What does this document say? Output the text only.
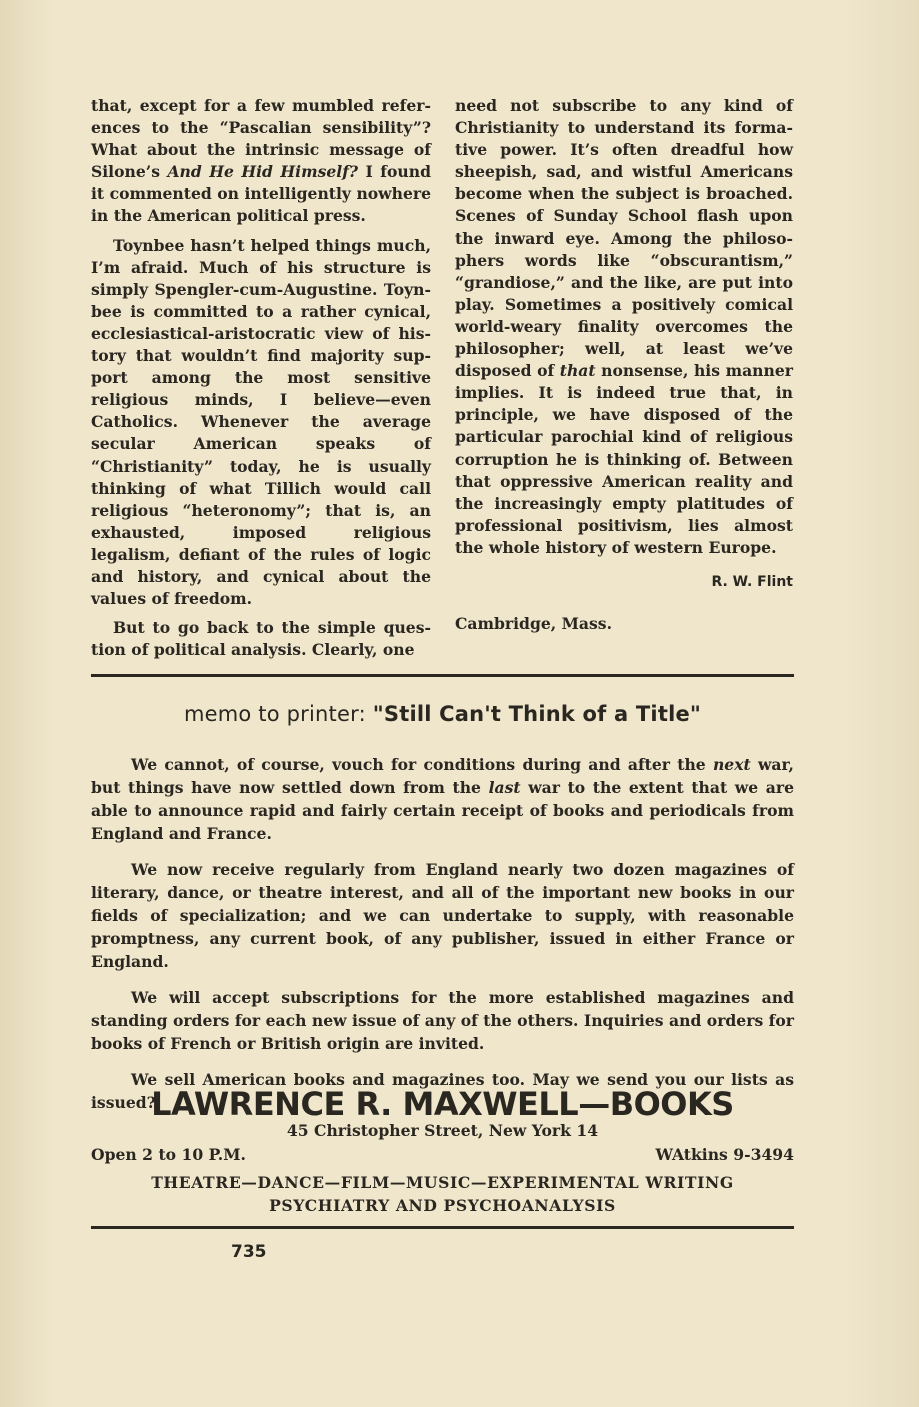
that, except for a few mumbled references to the “Pascalian sensibility”? What about the intrinsic message of Silone’s And He Hid Himself? I found it commented on intelligently nowhere in the American political press.

Toynbee hasn’t helped things much, I’m afraid. Much of his structure is simply Spengler-cum-Augustine. Toynbee is committed to a rather cynical, ecclesiastical-aristocratic view of history that wouldn’t find majority support among the most sensitive religious minds, I believe—even Catholics. Whenever the average secular American speaks of “Christianity” today, he is usually thinking of what Tillich would call religious “heteronomy”; that is, an exhausted, imposed religious legalism, defiant of the rules of logic and history, and cynical about the values of freedom.

But to go back to the simple question of political analysis. Clearly, one

need not subscribe to any kind of Christianity to understand its formative power. It’s often dreadful how sheepish, sad, and wistful Americans become when the subject is broached. Scenes of Sunday School flash upon the inward eye. Among the philosophers words like “obscurantism,” “grandiose,” and the like, are put into play. Sometimes a positively comical world-weary finality overcomes the philosopher; well, at least we’ve disposed of that nonsense, his manner implies. It is indeed true that, in principle, we have disposed of the particular parochial kind of religious corruption he is thinking of. Between that oppressive American reality and the increasingly empty platitudes of professional positivism, lies almost the whole history of western Europe.

R. W. Flint

Cambridge, Mass.

memo to printer: "Still Can't Think of a Title"

We cannot, of course, vouch for conditions during and after the next war, but things have now settled down from the last war to the extent that we are able to announce rapid and fairly certain receipt of books and periodicals from England and France.

We now receive regularly from England nearly two dozen magazines of literary, dance, or theatre interest, and all of the important new books in our fields of specialization; and we can undertake to supply, with reasonable promptness, any current book, of any publisher, issued in either France or England.

We will accept subscriptions for the more established magazines and standing orders for each new issue of any of the others. Inquiries and orders for books of French or British origin are invited.

We sell American books and magazines too. May we send you our lists as issued?

LAWRENCE R. MAXWELL—BOOKS
45 Christopher Street, New York 14
Open 2 to 10 P.M.	WAtkins 9-3494
THEATRE—DANCE—FILM—MUSIC—EXPERIMENTAL WRITING
PSYCHIATRY AND PSYCHOANALYSIS
735
